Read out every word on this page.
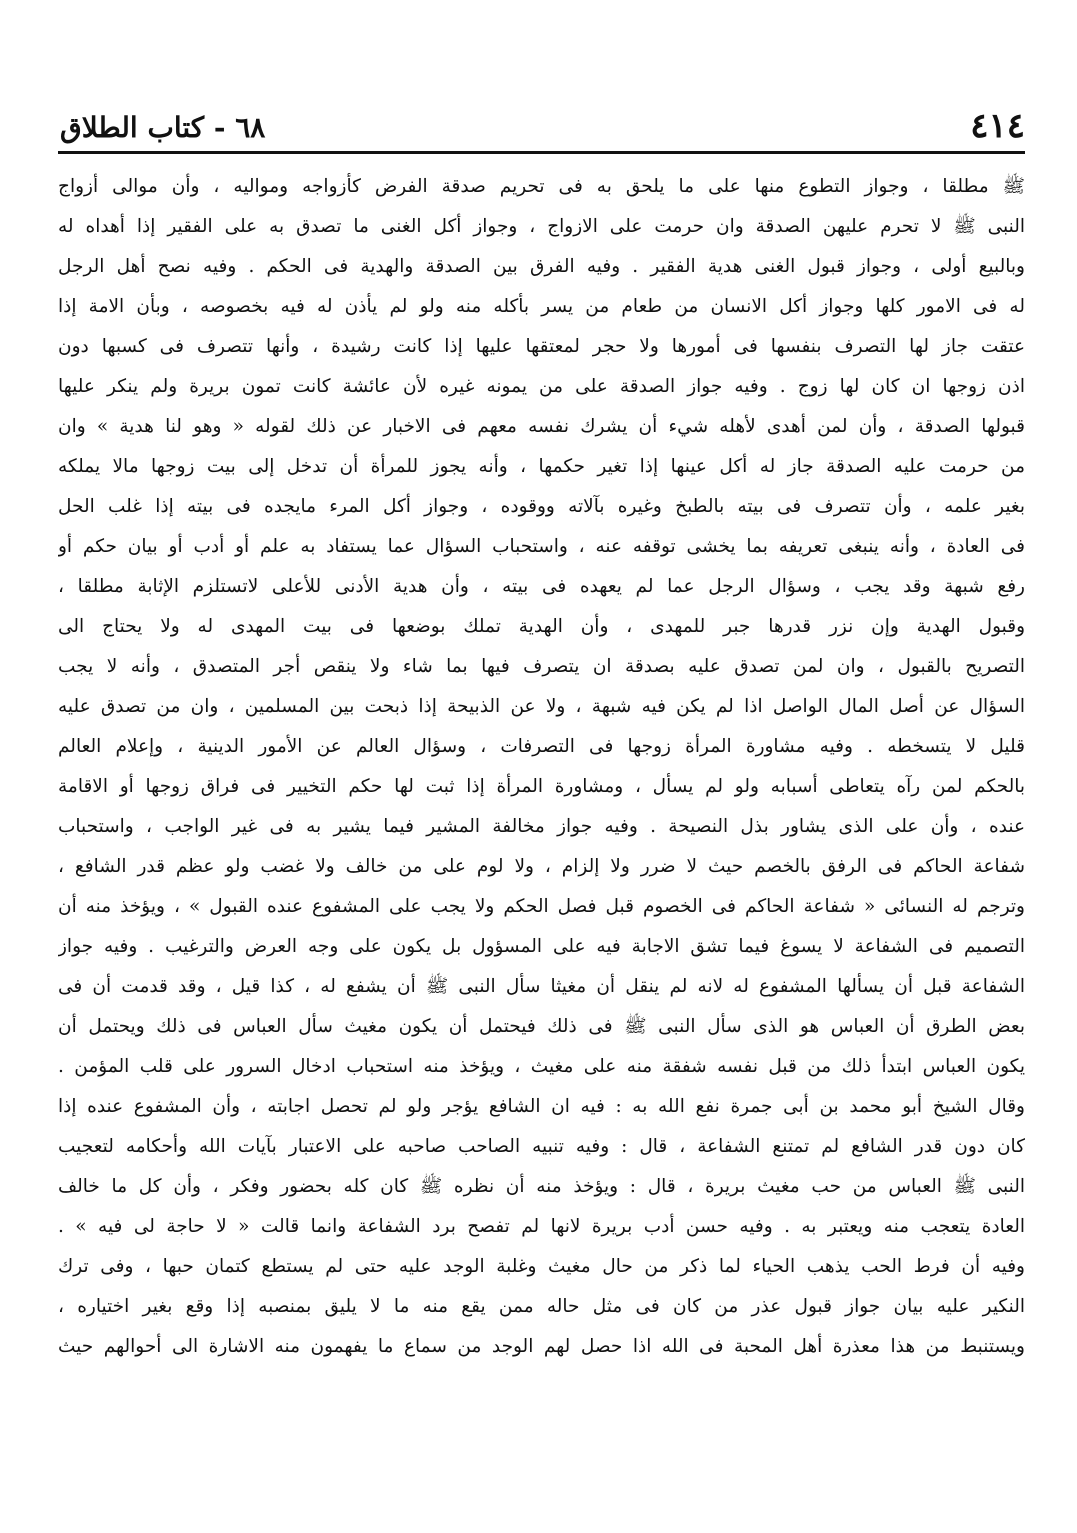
٤١٤
٦٨ - كتاب الطلاق
ﷺ مطلقا ، وجواز التطوع منها على ما يلحق به فى تحريم صدقة الفرض كأزواجه ومواليه ، وأن موالى أزواج
النبى ﷺ لا تحرم عليهن الصدقة وان حرمت على الازواج ، وجواز أكل الغنى ما تصدق به على الفقير إذا أهداه له
وبالبيع أولى ، وجواز قبول الغنى هدية الفقير . وفيه الفرق بين الصدقة والهدية فى الحكم . وفيه نصح أهل الرجل
له فى الامور كلها وجواز أكل الانسان من طعام من يسر بأكله منه ولو لم يأذن له فيه بخصوصه ، وبأن الامة إذا
عتقت جاز لها التصرف بنفسها فى أمورها ولا حجر لمعتقها عليها إذا كانت رشيدة ، وأنها تتصرف فى كسبها دون
اذن زوجها ان كان لها زوج . وفيه جواز الصدقة على من يمونه غيره لأن عائشة كانت تمون بريرة ولم ينكر عليها
قبولها الصدقة ، وأن لمن أهدى لأهله شيء أن يشرك نفسه معهم فى الاخبار عن ذلك لقوله « وهو لنا هدية » وان
من حرمت عليه الصدقة جاز له أكل عينها إذا تغير حكمها ، وأنه يجوز للمرأة أن تدخل إلى بيت زوجها مالا يملكه
بغير علمه ، وأن تتصرف فى بيته بالطبخ وغيره بآلاته ووقوده ، وجواز أكل المرء مايجده فى بيته إذا غلب الحل
فى العادة ، وأنه ينبغى تعريفه بما يخشى توقفه عنه ، واستحباب السؤال عما يستفاد به علم أو أدب أو بيان حكم أو
رفع شبهة وقد يجب ، وسؤال الرجل عما لم يعهده فى بيته ، وأن هدية الأدنى للأعلى لاتستلزم الإثابة مطلقا ،
وقبول الهدية وإن نزر قدرها جبر للمهدى ، وأن الهدية تملك بوضعها فى بيت المهدى له ولا يحتاج الى
التصريح بالقبول ، وان لمن تصدق عليه بصدقة ان يتصرف فيها بما شاء ولا ينقص أجر المتصدق ، وأنه لا يجب
السؤال عن أصل المال الواصل اذا لم يكن فيه شبهة ، ولا عن الذبيحة إذا ذبحت بين المسلمين ، وان من تصدق عليه
قليل لا يتسخطه . وفيه مشاورة المرأة زوجها فى التصرفات ، وسؤال العالم عن الأمور الدينية ، وإعلام العالم
بالحكم لمن رآه يتعاطى أسبابه ولو لم يسأل ، ومشاورة المرأة إذا ثبت لها حكم التخيير فى فراق زوجها أو الاقامة
عنده ، وأن على الذى يشاور بذل النصيحة . وفيه جواز مخالفة المشير فيما يشير به فى غير الواجب ، واستحباب
شفاعة الحاكم فى الرفق بالخصم حيث لا ضرر ولا إلزام ، ولا لوم على من خالف ولا غضب ولو عظم قدر الشافع ،
وترجم له النسائى « شفاعة الحاكم فى الخصوم قبل فصل الحكم ولا يجب على المشفوع عنده القبول » ، ويؤخذ منه أن
التصميم فى الشفاعة لا يسوغ فيما تشق الاجابة فيه على المسؤول بل يكون على وجه العرض والترغيب . وفيه جواز
الشفاعة قبل أن يسألها المشفوع له لانه لم ينقل أن مغيثا سأل النبى ﷺ أن يشفع له ، كذا قيل ، وقد قدمت أن فى
بعض الطرق أن العباس هو الذى سأل النبى ﷺ فى ذلك فيحتمل أن يكون مغيث سأل العباس فى ذلك ويحتمل أن
يكون العباس ابتدأ ذلك من قبل نفسه شفقة منه على مغيث ، ويؤخذ منه استحباب ادخال السرور على قلب المؤمن .
وقال الشيخ أبو محمد بن أبى جمرة نفع الله به : فيه ان الشافع يؤجر ولو لم تحصل اجابته ، وأن المشفوع عنده إذا
كان دون قدر الشافع لم تمتنع الشفاعة ، قال : وفيه تنبيه الصاحب صاحبه على الاعتبار بآيات الله وأحكامه لتعجيب
النبى ﷺ العباس من حب مغيث بريرة ، قال : ويؤخذ منه أن نظره ﷺ كان كله بحضور وفكر ، وأن كل ما خالف
العادة يتعجب منه ويعتبر به . وفيه حسن أدب بريرة لانها لم تفصح برد الشفاعة وانما قالت « لا حاجة لى فيه » .
وفيه أن فرط الحب يذهب الحياء لما ذكر من حال مغيث وغلبة الوجد عليه حتى لم يستطع كتمان حبها ، وفى ترك
النكير عليه بيان جواز قبول عذر من كان فى مثل حاله ممن يقع منه ما لا يليق بمنصبه إذا وقع بغير اختياره ،
ويستنبط من هذا معذرة أهل المحبة فى الله اذا حصل لهم الوجد من سماع ما يفهمون منه الاشارة الى أحوالهم حيث
